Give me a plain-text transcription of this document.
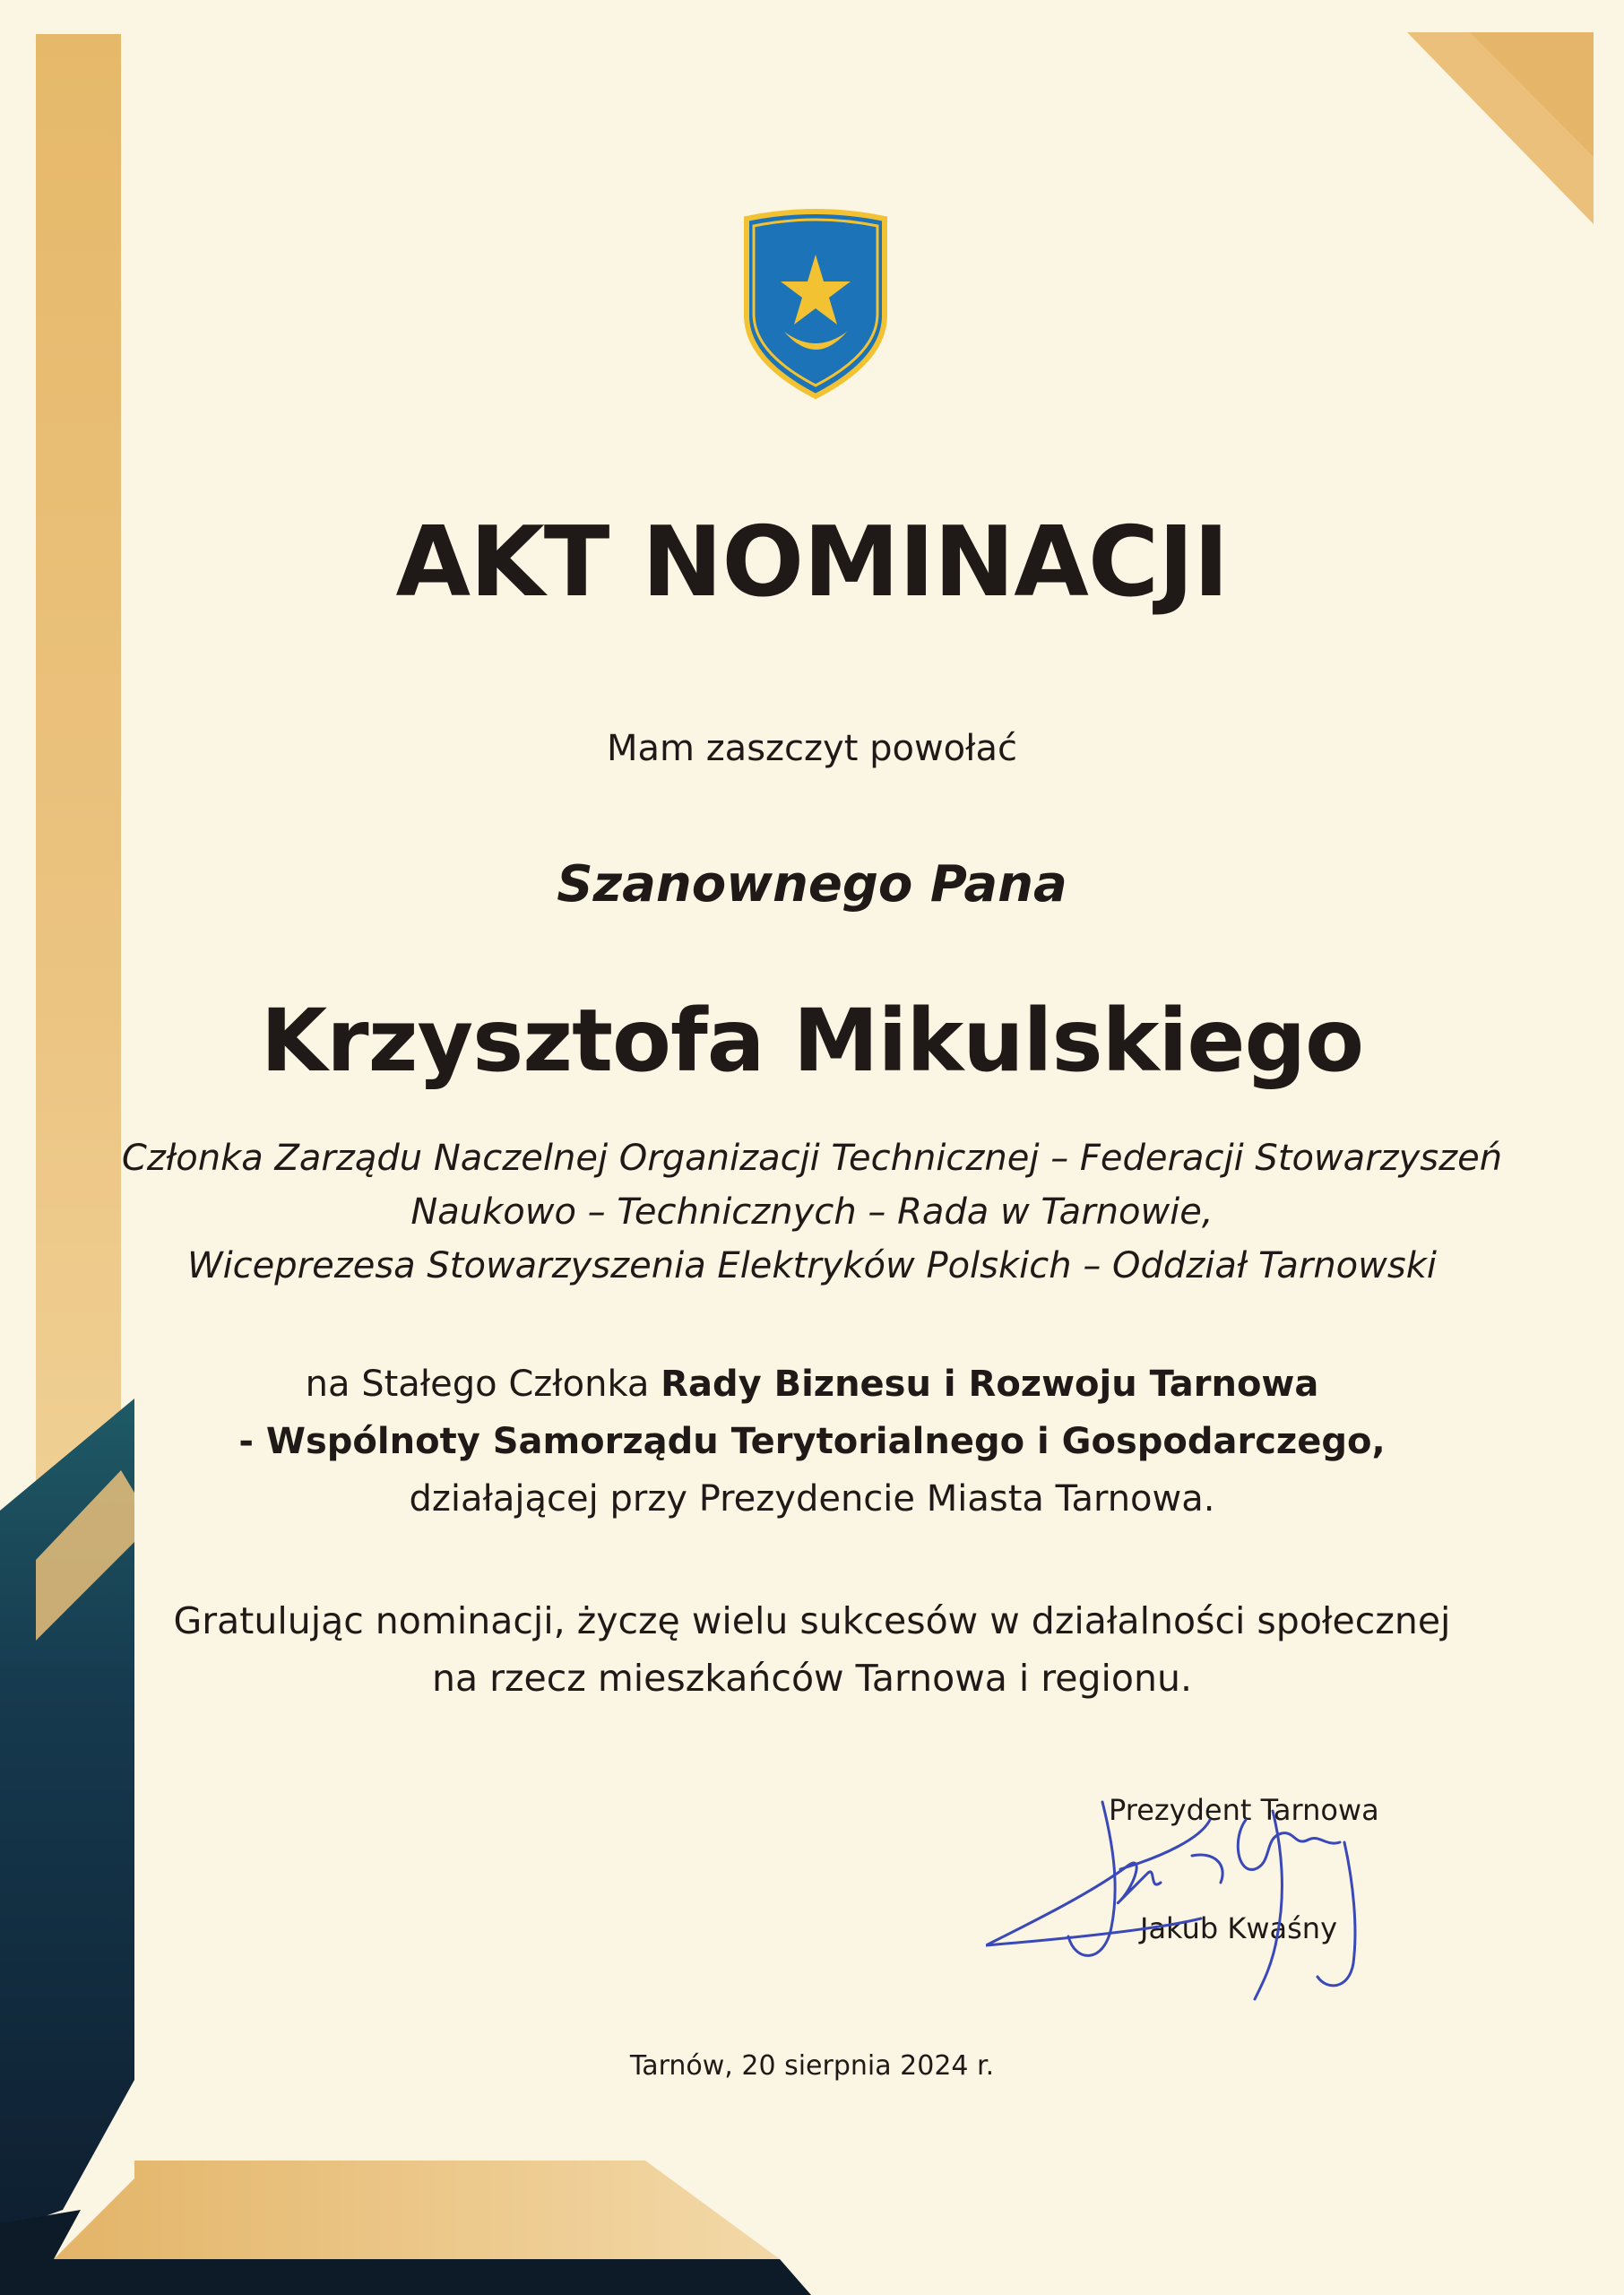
AKT NOMINACJI
Mam zaszczyt powołać
Szanownego Pana
Krzysztofa Mikulskiego
Członka Zarządu Naczelnej Organizacji Technicznej – Federacji Stowarzyszeń
Naukowo – Technicznych – Rada w Tarnowie,
Wiceprezesa Stowarzyszenia Elektryków Polskich – Oddział Tarnowski
na Stałego Członka Rady Biznesu i Rozwoju Tarnowa
- Wspólnoty Samorządu Terytorialnego i Gospodarczego,
działającej przy Prezydencie Miasta Tarnowa.
Gratulując nominacji, życzę wielu sukcesów w działalności społecznej
na rzecz mieszkańców Tarnowa i regionu.
Prezydent Tarnowa
Jakub Kwaśny
Tarnów, 20 sierpnia 2024 r.
